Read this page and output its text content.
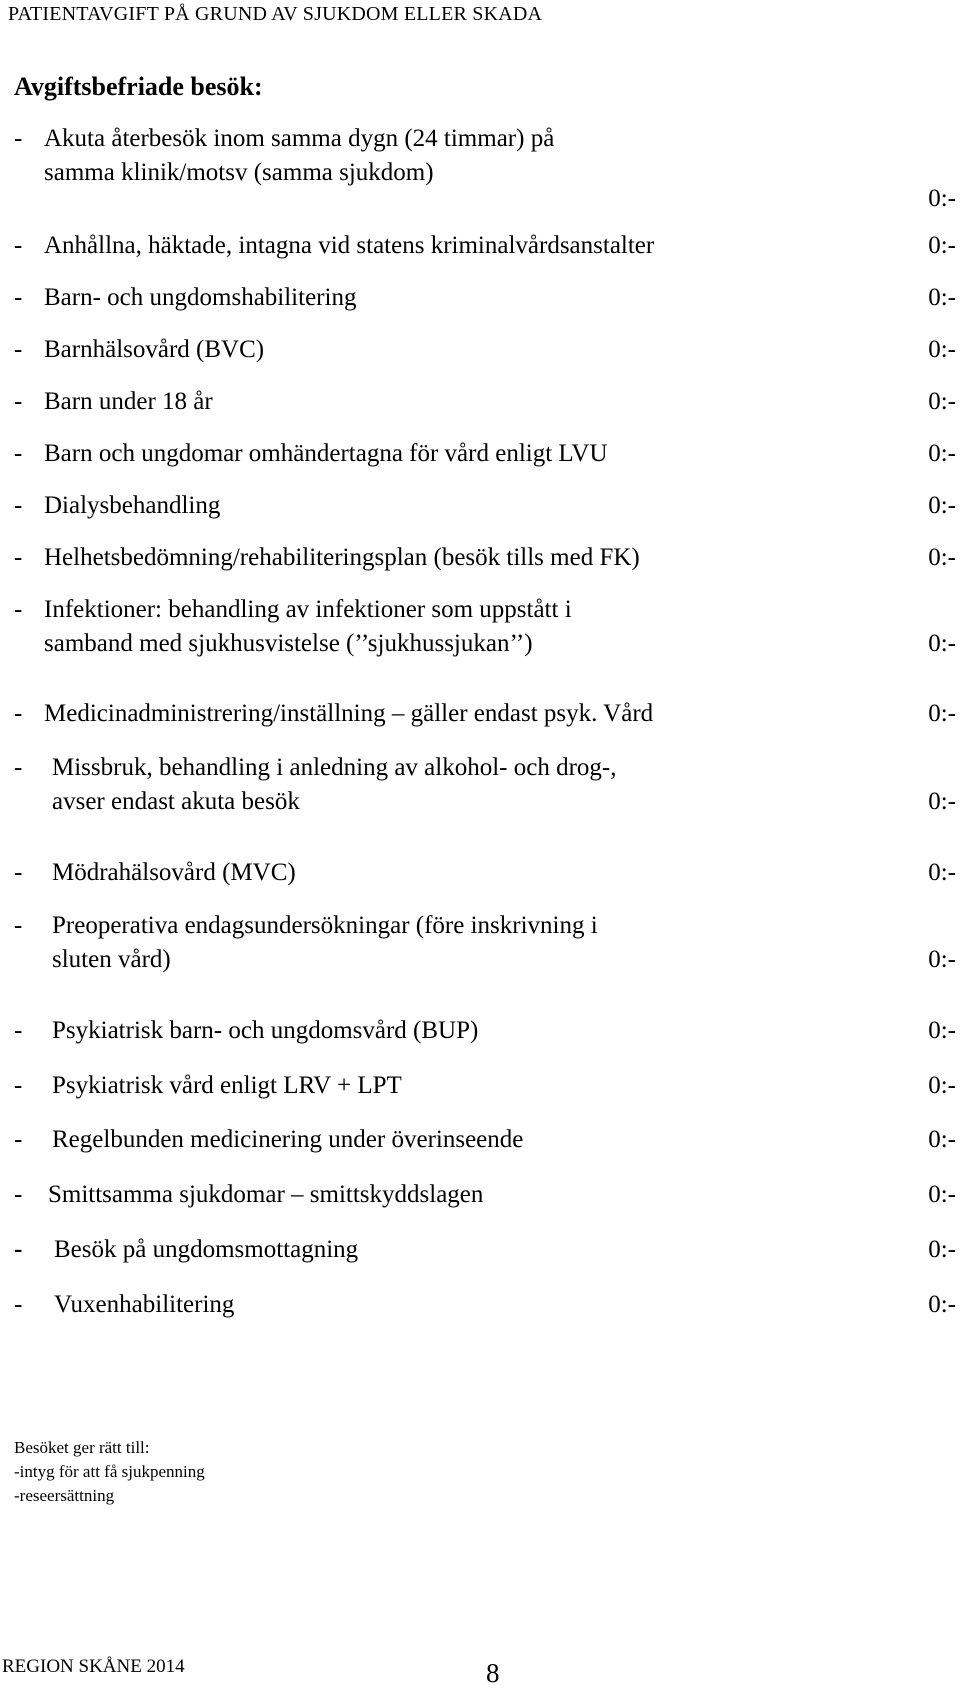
PATIENTAVGIFT PÅ GRUND AV SJUKDOM ELLER SKADA
Avgiftsbefriade besök:
- Akuta återbesök inom samma dygn (24 timmar) på
samma klinik/motsv (samma sjukdom)
0:-
- Anhållna, häktade, intagna vid statens kriminalvårdsanstalter	0:-
- Barn- och ungdomshabilitering	0:-
- Barnhälsovård (BVC)	0:-
- Barn under 18 år	0:-
- Barn och ungdomar omhändertagna för vård enligt LVU	0:-
- Dialysbehandling	0:-
- Helhetsbedömning/rehabiliteringsplan (besök tills med FK)	0:-
- Infektioner: behandling av infektioner som uppstått i
samband med sjukhusvistelse (’’sjukhussjukan’’)	0:-
- Medicinadministrering/inställning – gäller endast psyk. Vård	0:-
- Missbruk, behandling i anledning av alkohol- och drog-,
avser endast akuta besök	0:-
- Mödrahälsovård (MVC)	0:-
- Preoperativa endagsundersökningar (före inskrivning i
sluten vård)	0:-
- Psykiatrisk barn- och ungdomsvård (BUP)	0:-
- Psykiatrisk vård enligt LRV + LPT	0:-
- Regelbunden medicinering under överinseende	0:-
- Smittsamma sjukdomar – smittskyddslagen	0:-
- Besök på ungdomsmottagning	0:-
- Vuxenhabilitering	0:-
Besöket ger rätt till:
-intyg för att få sjukpenning
-reseersättning
REGION SKÅNE 2014	8
